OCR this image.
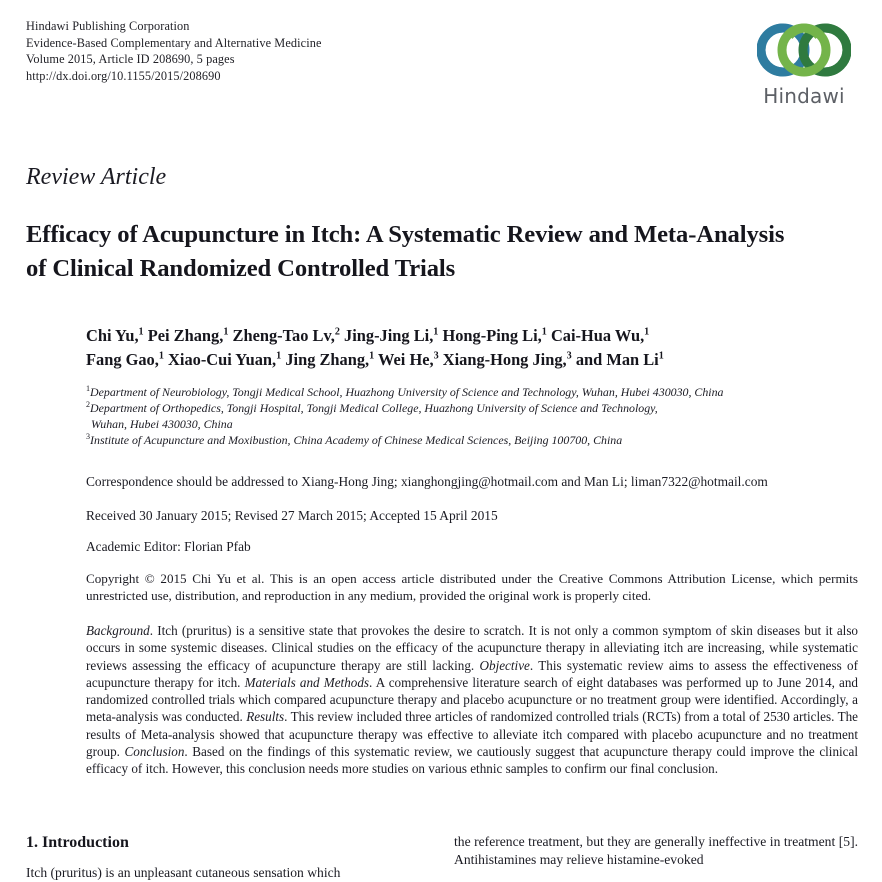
Hindawi Publishing Corporation
Evidence-Based Complementary and Alternative Medicine
Volume 2015, Article ID 208690, 5 pages
http://dx.doi.org/10.1155/2015/208690
Hindawi
Review Article
Efficacy of Acupuncture in Itch: A Systematic Review and Meta-Analysis of Clinical Randomized Controlled Trials
Chi Yu,$^1$ Pei Zhang,$^1$ Zheng-Tao Lv,$^2$ Jing-Jing Li,$^1$ Hong-Ping Li,$^1$ Cai-Hua Wu,$^1$
Fang Gao,$^1$ Xiao-Cui Yuan,$^1$ Jing Zhang,$^1$ Wei He,$^3$ Xiang-Hong Jing,$^3$ and Man Li$^1$

$^1$Department of Neurobiology, Tongji Medical School, Huazhong University of Science and Technology, Wuhan, Hubei 430030, China

$^2$Department of Orthopedics, Tongji Hospital, Tongji Medical College, Huazhong University of Science and Technology,

Wuhan, Hubei 430030, China

$^3$Institute of Acupuncture and Moxibustion, China Academy of Chinese Medical Sciences, Beijing 100700, China

Correspondence should be addressed to Xiang-Hong Jing; xianghongjing@hotmail.com and Man Li; liman7322@hotmail.com
Received 30 January 2015; Revised 27 March 2015; Accepted 15 April 2015
Academic Editor: Florian Pfab
Copyright © 2015 Chi Yu et al. This is an open access article distributed under the Creative Commons Attribution License, which permits unrestricted use, distribution, and reproduction in any medium, provided the original work is properly cited.
Background. Itch (pruritus) is a sensitive state that provokes the desire to scratch. It is not only a common symptom of skin diseases but it also occurs in some systemic diseases. Clinical studies on the efficacy of the acupuncture therapy in alleviating itch are increasing, while systematic reviews assessing the efficacy of acupuncture therapy are still lacking. Objective. This systematic review aims to assess the effectiveness of acupuncture therapy for itch. Materials and Methods. A comprehensive literature search of eight databases was performed up to June 2014, and randomized controlled trials which compared acupuncture therapy and placebo acupuncture or no treatment group were identified. Accordingly, a meta-analysis was conducted. Results. This review included three articles of randomized controlled trials (RCTs) from a total of 2530 articles. The results of Meta-analysis showed that acupuncture therapy was effective to alleviate itch compared with placebo acupuncture and no treatment group. Conclusion. Based on the findings of this systematic review, we cautiously suggest that acupuncture therapy could improve the clinical efficacy of itch. However, this conclusion needs more studies on various ethnic samples to confirm our final conclusion.
1. Introduction

Itch (pruritus) is an unpleasant cutaneous sensation which

the reference treatment, but they are generally ineffective in treatment [5]. Antihistamines may relieve histamine-evoked
